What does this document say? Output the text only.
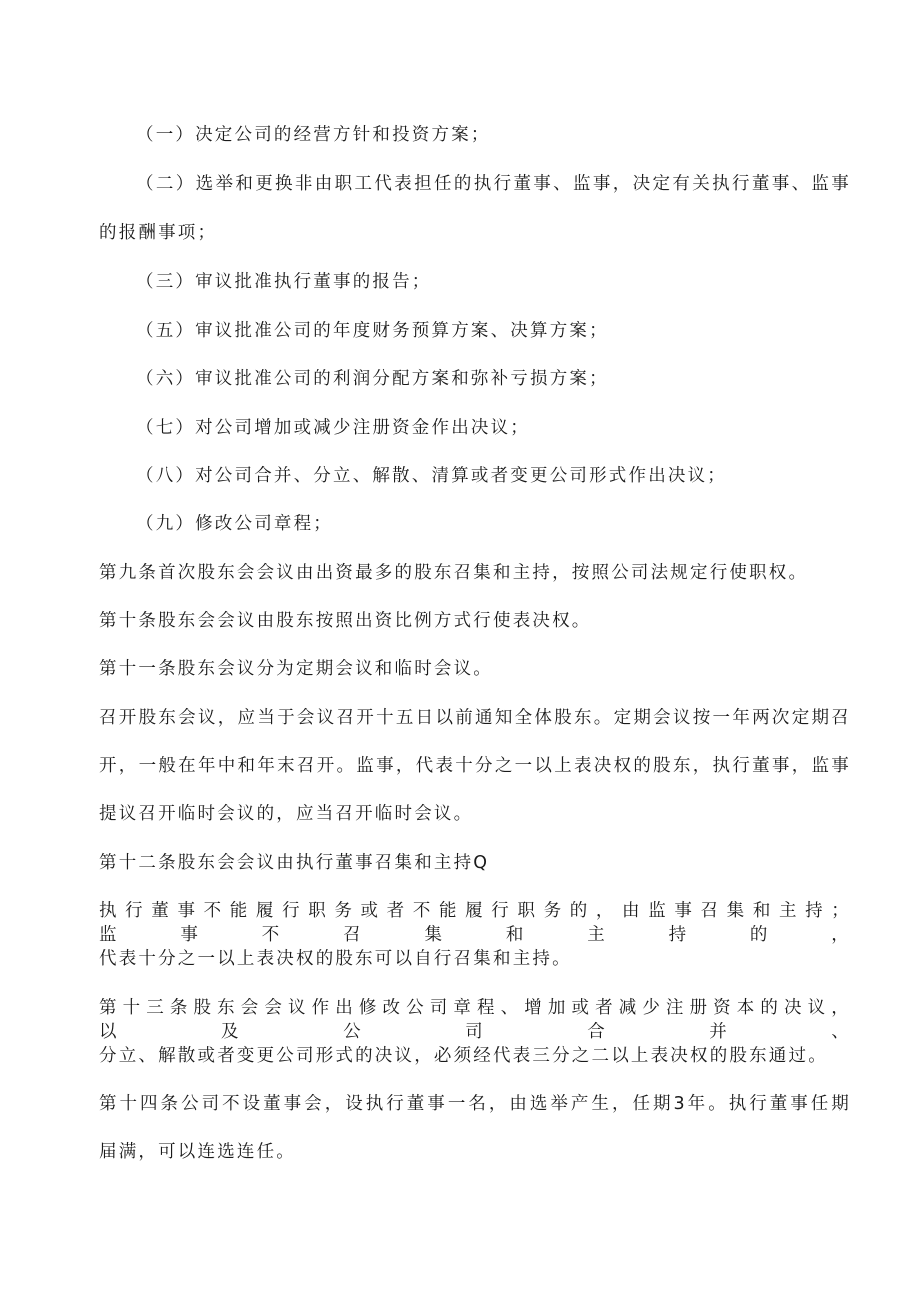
（一）决定公司的经营方针和投资方案；
（二）选举和更换非由职工代表担任的执行董事、监事，决定有关执行董事、监事
的报酬事项；
（三）审议批准执行董事的报告；
（五）审议批准公司的年度财务预算方案、决算方案；
（六）审议批准公司的利润分配方案和弥补亏损方案；
（七）对公司增加或减少注册资金作出决议；
（八）对公司合并、分立、解散、清算或者变更公司形式作出决议；
（九）修改公司章程；
第九条首次股东会会议由出资最多的股东召集和主持，按照公司法规定行使职权。
第十条股东会会议由股东按照出资比例方式行使表决权。
第十一条股东会议分为定期会议和临时会议。
召开股东会议，应当于会议召开十五日以前通知全体股东。定期会议按一年两次定期召
开，一般在年中和年末召开。监事，代表十分之一以上表决权的股东，执行董事，监事
提议召开临时会议的，应当召开临时会议。
第十二条股东会会议由执行董事召集和主持Q
执行董事不能履行职务或者不能履行职务的，由监事召集和主持；监事不召集和主持的，
代表十分之一以上表决权的股东可以自行召集和主持。
第十三条股东会会议作出修改公司章程、增加或者减少注册资本的决议，以及公司合并、
分立、解散或者变更公司形式的决议，必须经代表三分之二以上表决权的股东通过。
第十四条公司不设董事会，设执行董事一名，由选举产生，任期3年。执行董事任期
届满，可以连选连任。
